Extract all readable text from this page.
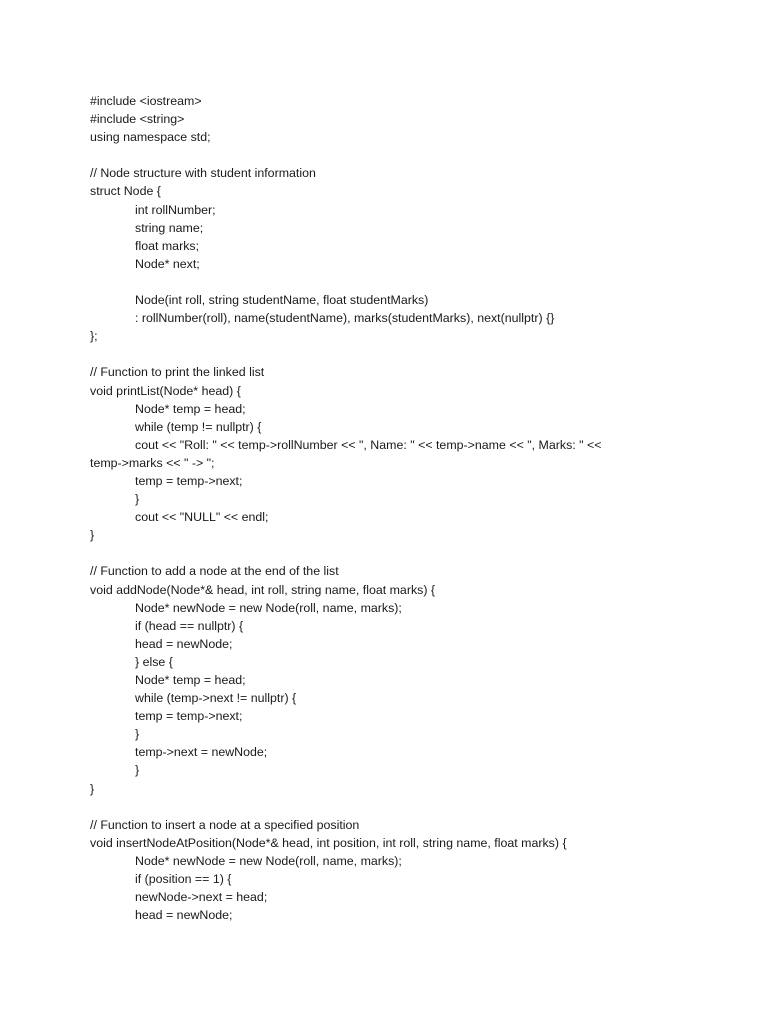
#include <iostream>
#include <string>
using namespace std;
// Node structure with student information
struct Node {
int rollNumber;
string name;
float marks;
Node* next;
Node(int roll, string studentName, float studentMarks)
: rollNumber(roll), name(studentName), marks(studentMarks), next(nullptr) {}
};
// Function to print the linked list
void printList(Node* head) {
Node* temp = head;
while (temp != nullptr) {
cout << "Roll: " << temp->rollNumber << ", Name: " << temp->name << ", Marks: " <<
temp->marks << " -> ";
temp = temp->next;
}
cout << "NULL" << endl;
}
// Function to add a node at the end of the list
void addNode(Node*& head, int roll, string name, float marks) {
Node* newNode = new Node(roll, name, marks);
if (head == nullptr) {
head = newNode;
} else {
Node* temp = head;
while (temp->next != nullptr) {
temp = temp->next;
}
temp->next = newNode;
}
}
// Function to insert a node at a specified position
void insertNodeAtPosition(Node*& head, int position, int roll, string name, float marks) {
Node* newNode = new Node(roll, name, marks);
if (position == 1) {
newNode->next = head;
head = newNode;
